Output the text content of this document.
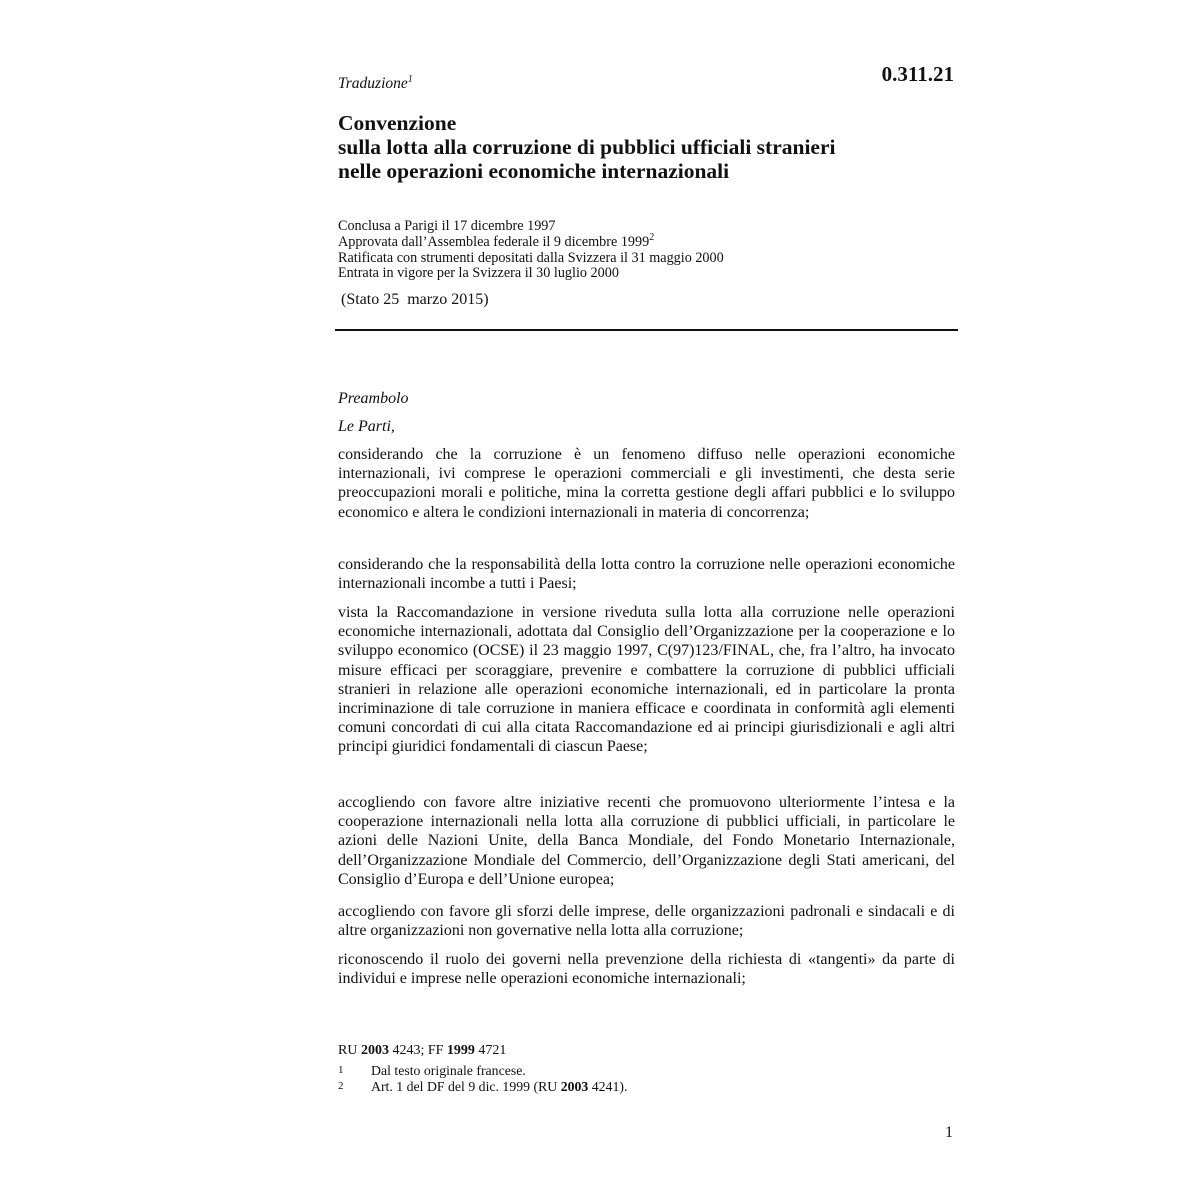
0.311.21
Traduzione$^1$
Convenzione
sulla lotta alla corruzione di pubblici ufficiali stranieri
nelle operazioni economiche internazionali
Conclusa a Parigi il 17 dicembre 1997
Approvata dall’Assemblea federale il 9 dicembre 1999$^2$
Ratificata con strumenti depositati dalla Svizzera il 31 maggio 2000
Entrata in vigore per la Svizzera il 30 luglio 2000
(Stato 25  marzo 2015)
Preambolo
Le Parti,
considerando che la corruzione è un fenomeno diffuso nelle operazioni economiche internazionali, ivi comprese le operazioni commerciali e gli investimenti, che desta serie preoccupazioni morali e politiche, mina la corretta gestione degli affari pubblici e lo sviluppo economico e altera le condizioni internazionali in materia di concorrenza;
considerando che la responsabilità della lotta contro la corruzione nelle operazioni economiche internazionali incombe a tutti i Paesi;
vista la Raccomandazione in versione riveduta sulla lotta alla corruzione nelle operazioni economiche internazionali, adottata dal Consiglio dell’Organizzazione per la cooperazione e lo sviluppo economico (OCSE) il 23 maggio 1997, C(97)123/​FINAL, che, fra l’altro, ha invocato misure efficaci per scoraggiare, prevenire e combattere la corruzione di pubblici ufficiali stranieri in relazione alle operazioni economiche internazionali, ed in particolare la pronta incriminazione di tale corruzione in maniera efficace e coordinata in conformità agli elementi comuni concordati di cui alla citata Raccomandazione ed ai principi giurisdizionali e agli altri principi giuridici fondamentali di ciascun Paese;
accogliendo con favore altre iniziative recenti che promuovono ulteriormente l’intesa e la cooperazione internazionali nella lotta alla corruzione di pubblici ufficiali, in particolare le azioni delle Nazioni Unite, della Banca Mondiale, del Fondo Monetario Internazionale, dell’Organizzazione Mondiale del Commercio, dell’Organizzazione degli Stati americani, del Consiglio d’Europa e dell’Unione europea;
accogliendo con favore gli sforzi delle imprese, delle organizzazioni padronali e sindacali e di altre organizzazioni non governative nella lotta alla corruzione;
riconoscendo il ruolo dei governi nella prevenzione della richiesta di «tangenti» da parte di individui e imprese nelle operazioni economiche internazionali;
RU 2003 4243; FF 1999 4721
1 Dal testo originale francese.
2 Art. 1 del DF del 9 dic. 1999 (RU 2003 4241).
1
